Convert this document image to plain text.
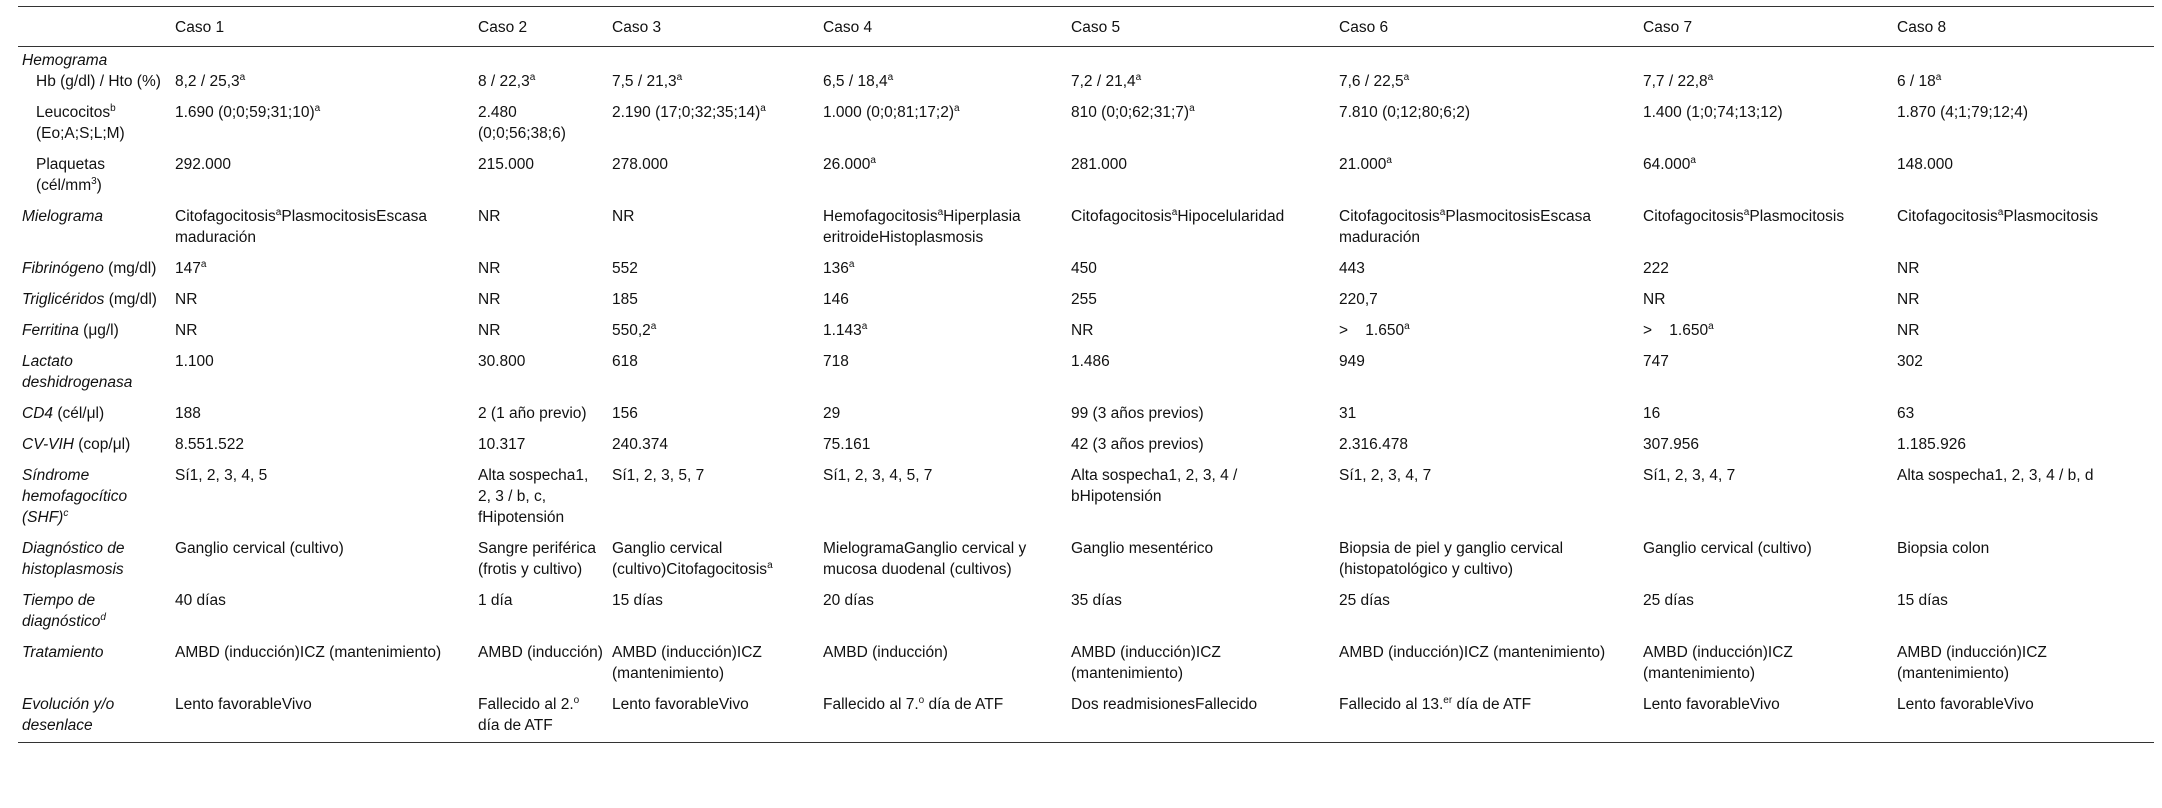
	Caso 1	Caso 2	Caso 3	Caso 4	Caso 5	Caso 6	Caso 7	Caso 8
Hemograma								
Hb (g/dl) / Hto (%)	8,2 / 25,3$^a$	8 / 22,3$^a$	7,5 / 21,3$^a$	6,5 / 18,4$^a$	7,2 / 21,4$^a$	7,6 / 22,5$^a$	7,7 / 22,8$^a$	6 / 18$^a$
Leucocitos$^b$ (Eo;A;S;L;M)	1.690 (0;0;59;31;10)$^a$	2.480 (0;0;56;38;6)	2.190 (17;0;32;35;14)$^a$	1.000 (0;0;81;17;2)$^a$	810 (0;0;62;31;7)$^a$	7.810 (0;12;80;6;2)	1.400 (1;0;74;13;12)	1.870 (4;1;79;12;4)
Plaquetas $(cél/mm^3)$	292.000	215.000	278.000	26.000$^a$	281.000	21.000$^a$	64.000$^a$	148.000
Mielograma	Citofagocitosis$^a$PlasmocitosisEscasa maduración	NR	NR	Hemofagocitosis$^a$Hiperplasia eritroideHistoplasmosis	Citofagocitosis$^a$Hipocelularidad	Citofagocitosis$^a$PlasmocitosisEscasa maduración	Citofagocitosis$^a$Plasmocitosis	Citofagocitosis$^a$Plasmocitosis
Fibrinógeno (mg/dl)	147$^a$	NR	552	136$^a$	450	443	222	NR
Triglicéridos (mg/dl)	NR	NR	185	146	255	220,7	NR	NR
Ferritina (μg/l)	NR	NR	550,2$^a$	1.143$^a$	NR	>    1.650$^a$	>    1.650$^a$	NR
Lactato deshidrogenasa	1.100	30.800	618	718	1.486	949	747	302
CD4 (cél/μl)	188	2 (1 año previo)	156	29	99 (3 años previos)	31	16	63
CV-VIH (cop/μl)	8.551.522	10.317	240.374	75.161	42 (3 años previos)	2.316.478	307.956	1.185.926
Síndrome hemofagocítico (SHF)$^c$	Sí1, 2, 3, 4, 5	Alta sospecha1, 2, 3 / b, c, fHipotensión	Sí1, 2, 3, 5, 7	Sí1, 2, 3, 4, 5, 7	Alta sospecha1, 2, 3, 4 / bHipotensión	Sí1, 2, 3, 4, 7	Sí1, 2, 3, 4, 7	Alta sospecha1, 2, 3, 4 / b, d
Diagnóstico de histoplasmosis	Ganglio cervical (cultivo)	Sangre periférica (frotis y cultivo)	Ganglio cervical (cultivo)Citofagocitosis$^a$	MielogramaGanglio cervical y mucosa duodenal (cultivos)	Ganglio mesentérico	Biopsia de piel y ganglio cervical (histopatológico y cultivo)	Ganglio cervical (cultivo)	Biopsia colon
Tiempo de diagnóstico$^d$	40 días	1 día	15 días	20 días	35 días	25 días	25 días	15 días
Tratamiento	AMBD (inducción)ICZ (mantenimiento)	AMBD (inducción)	AMBD (inducción)ICZ (mantenimiento)	AMBD (inducción)	AMBD (inducción)ICZ (mantenimiento)	AMBD (inducción)ICZ (mantenimiento)	AMBD (inducción)ICZ (mantenimiento)	AMBD (inducción)ICZ (mantenimiento)
Evolución y/o desenlace	Lento favorableVivo	Fallecido al 2.$^o$ día de ATF	Lento favorableVivo	Fallecido al 7.$^o$ día de ATF	Dos readmisionesFallecido	Fallecido al 13.$^{er}$ día de ATF	Lento favorableVivo	Lento favorableVivo
